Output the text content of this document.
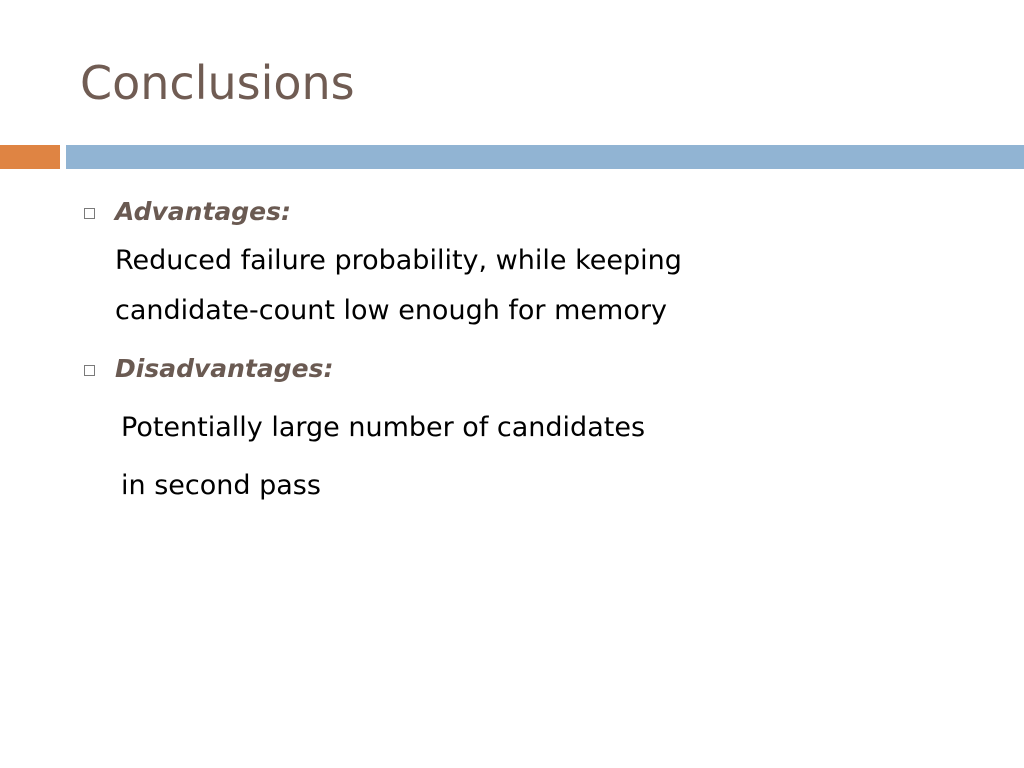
Conclusions
Advantages:
Reduced failure probability, while keeping
candidate-count low enough for memory
Disadvantages:
Potentially large number of candidates
in second pass
